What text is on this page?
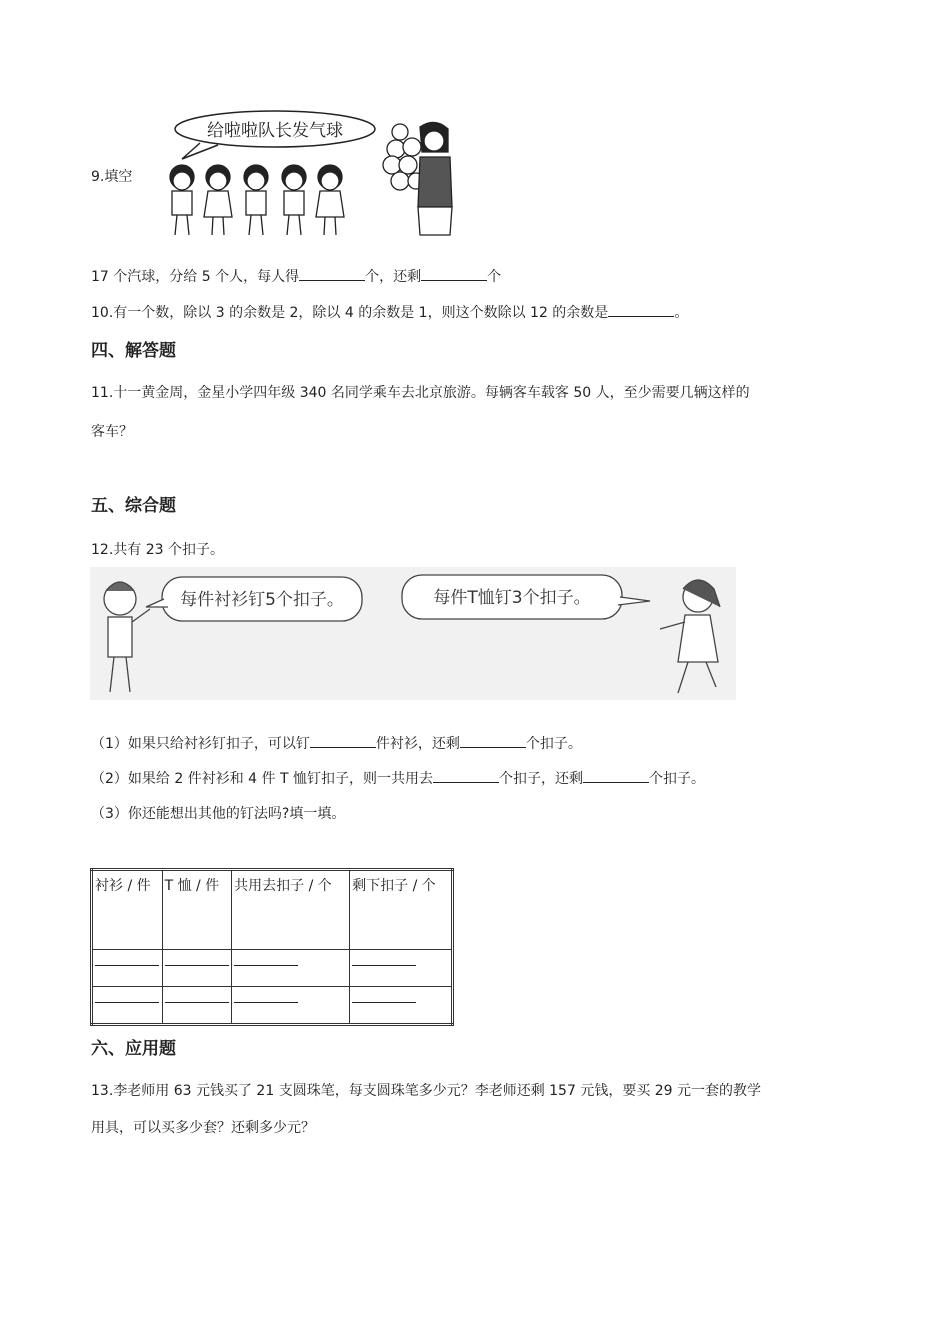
9.填空
给啦啦队长发气球
17 个汽球，分给 5 个人，每人得	个，还剩	个
10.有一个数，除以 3 的余数是 2，除以 4 的余数是 1，则这个数除以 12 的余数是	。
四、解答题
11.十一黄金周，金星小学四年级 340 名同学乘车去北京旅游。每辆客车载客 50 人，至少需要几辆这样的
客车？
五、综合题
12.共有 23 个扣子。
每件衬衫钉5个扣子。	每件T恤钉3个扣子。
（1）如果只给衬衫钉扣子，可以钉	件衬衫，还剩	个扣子。
（2）如果给 2 件衬衫和 4 件 T 恤钉扣子，则一共用去	个扣子，还剩	个扣子。
（3）你还能想出其他的钉法吗?填一填。
衬衫 / 件	T 恤 / 件	共用去扣子 / 个	剩下扣子 / 个

六、应用题
13.李老师用 63 元钱买了 21 支圆珠笔，每支圆珠笔多少元？李老师还剩 157 元钱，要买 29 元一套的教学
用具，可以买多少套？还剩多少元？
